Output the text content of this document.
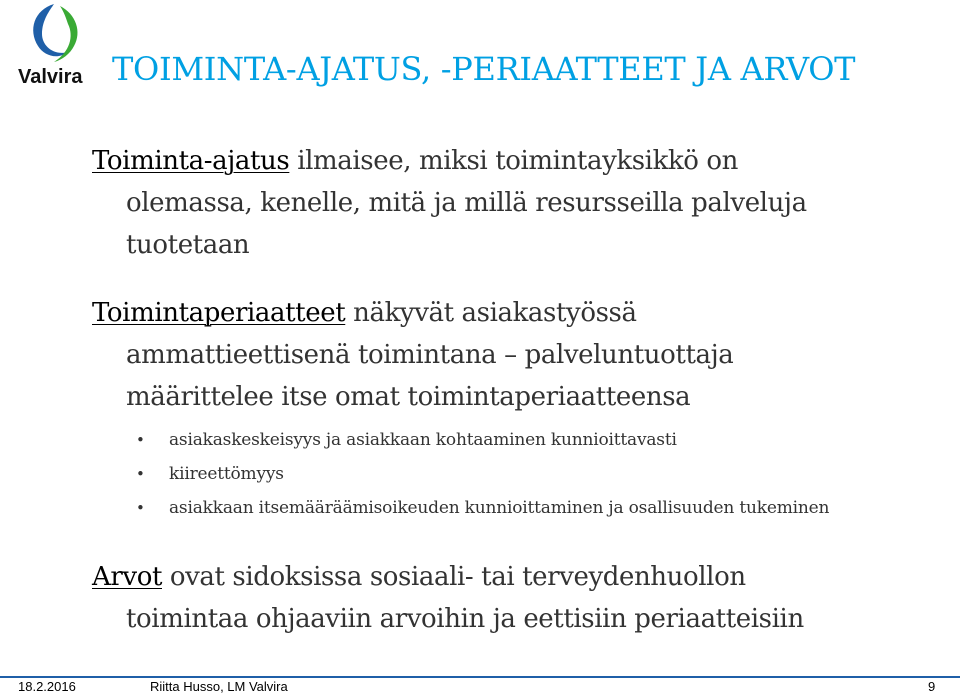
Valvira TOIMINTA-AJATUS, -PERIAATTEET JA ARVOT

Toiminta-ajatus ilmaisee, miksi toimintayksikkö on
olemassa, kenelle, mitä ja millä resursseilla palveluja
tuotetaan

Toimintaperiaatteet näkyvät asiakastyössä
ammattieettisenä toimintana – palveluntuottaja
määrittelee itse omat toimintaperiaatteensa

• asiakaskeskeisyys ja asiakkaan kohtaaminen kunnioittavasti
• kiireettömyys
• asiakkaan itsemääräämisoikeuden kunnioittaminen ja osallisuuden tukeminen

Arvot ovat sidoksissa sosiaali- tai terveydenhuollon
toimintaa ohjaaviin arvoihin ja eettisiin periaatteisiin

18.2.2016	Riitta Husso, LM Valvira	9
